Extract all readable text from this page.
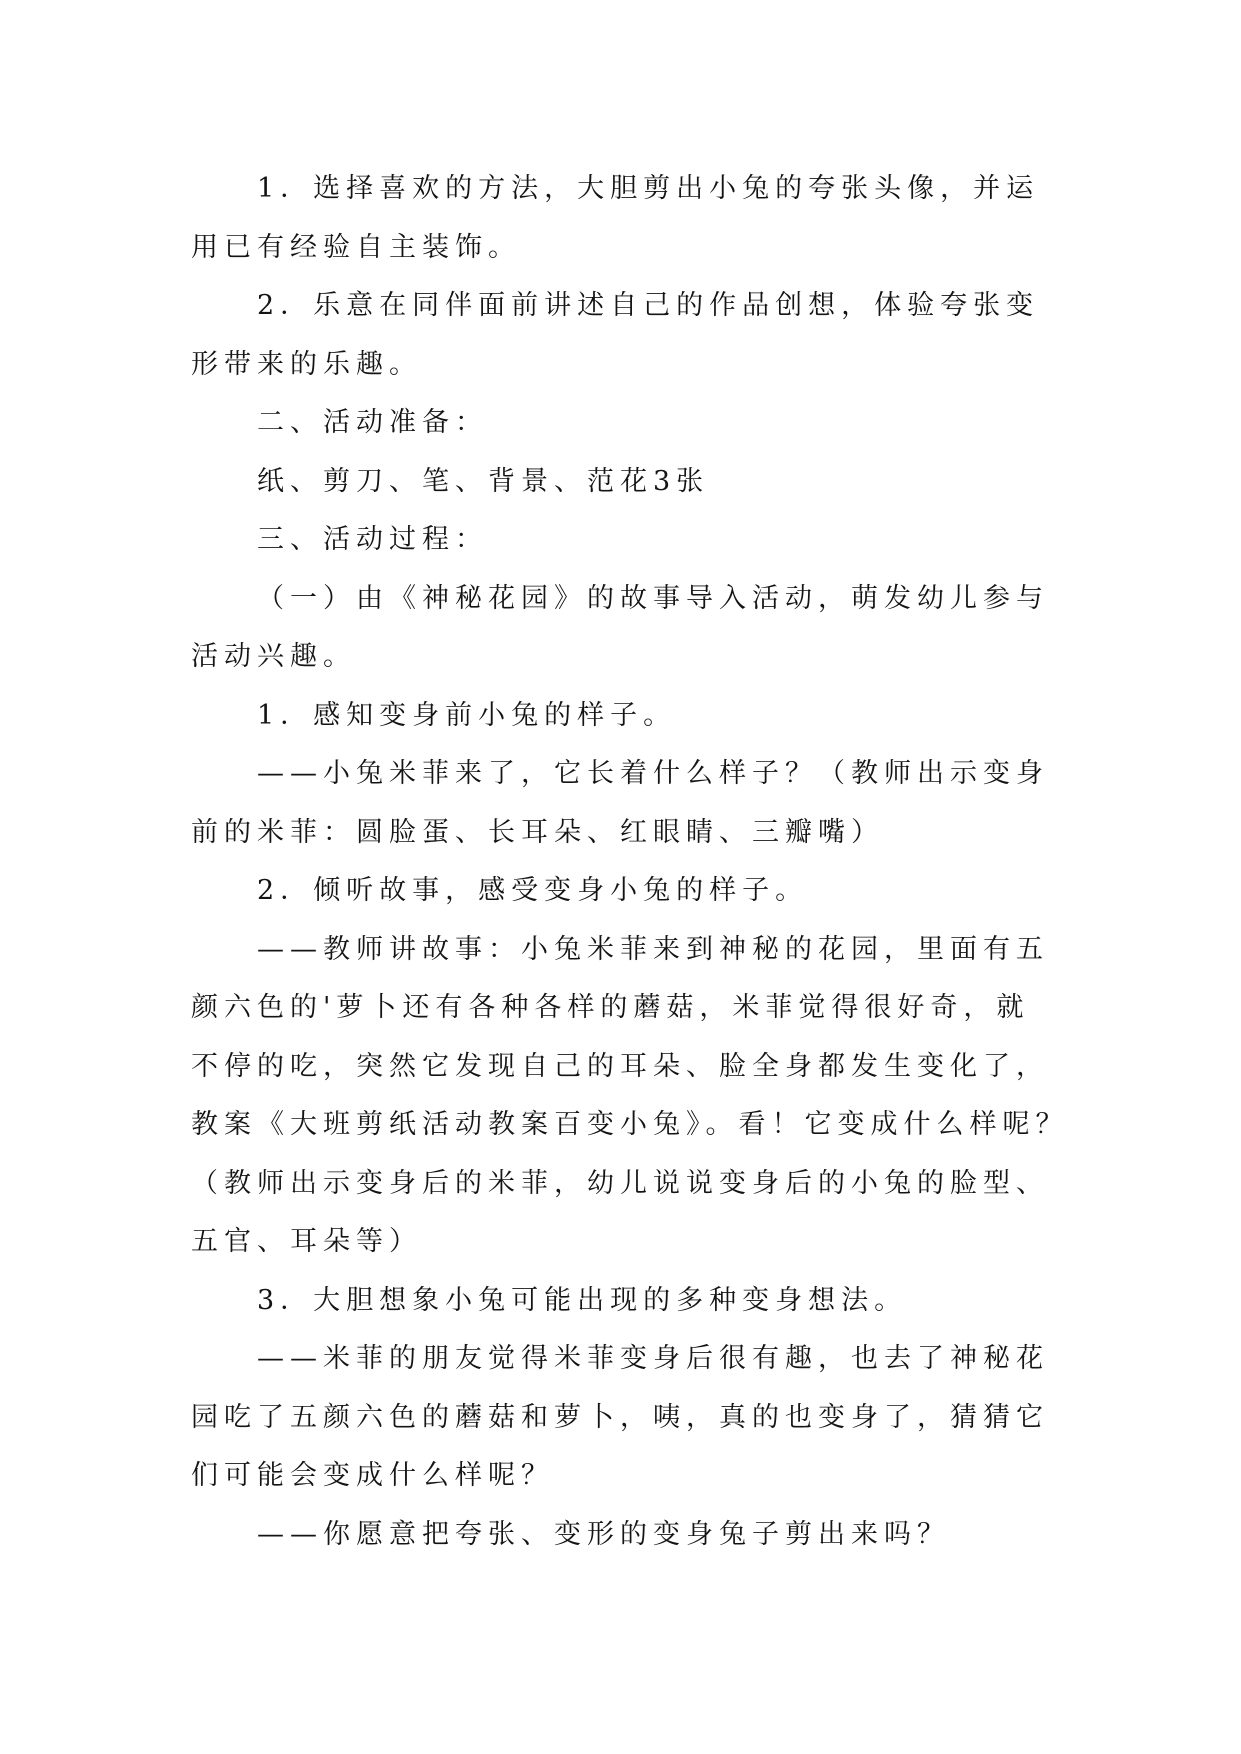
1．选择喜欢的方法，大胆剪出小兔的夸张头像，并运
用已有经验自主装饰。
2．乐意在同伴面前讲述自己的作品创想，体验夸张变
形带来的乐趣。
二、活动准备：
纸、剪刀、笔、背景、范花3张
三、活动过程：
（一）由《神秘花园》的故事导入活动，萌发幼儿参与
活动兴趣。
1．感知变身前小兔的样子。
——小兔米菲来了，它长着什么样子？（教师出示变身
前的米菲：圆脸蛋、长耳朵、红眼睛、三瓣嘴）
2．倾听故事，感受变身小兔的样子。
——教师讲故事：小兔米菲来到神秘的花园，里面有五
颜六色的'萝卜还有各种各样的蘑菇，米菲觉得很好奇，就
不停的吃，突然它发现自己的耳朵、脸全身都发生变化了，
教案《大班剪纸活动教案百变小兔》。看！它变成什么样呢？
（教师出示变身后的米菲，幼儿说说变身后的小兔的脸型、
五官、耳朵等）
3．大胆想象小兔可能出现的多种变身想法。
——米菲的朋友觉得米菲变身后很有趣，也去了神秘花
园吃了五颜六色的蘑菇和萝卜，咦，真的也变身了，猜猜它
们可能会变成什么样呢？
——你愿意把夸张、变形的变身兔子剪出来吗？
